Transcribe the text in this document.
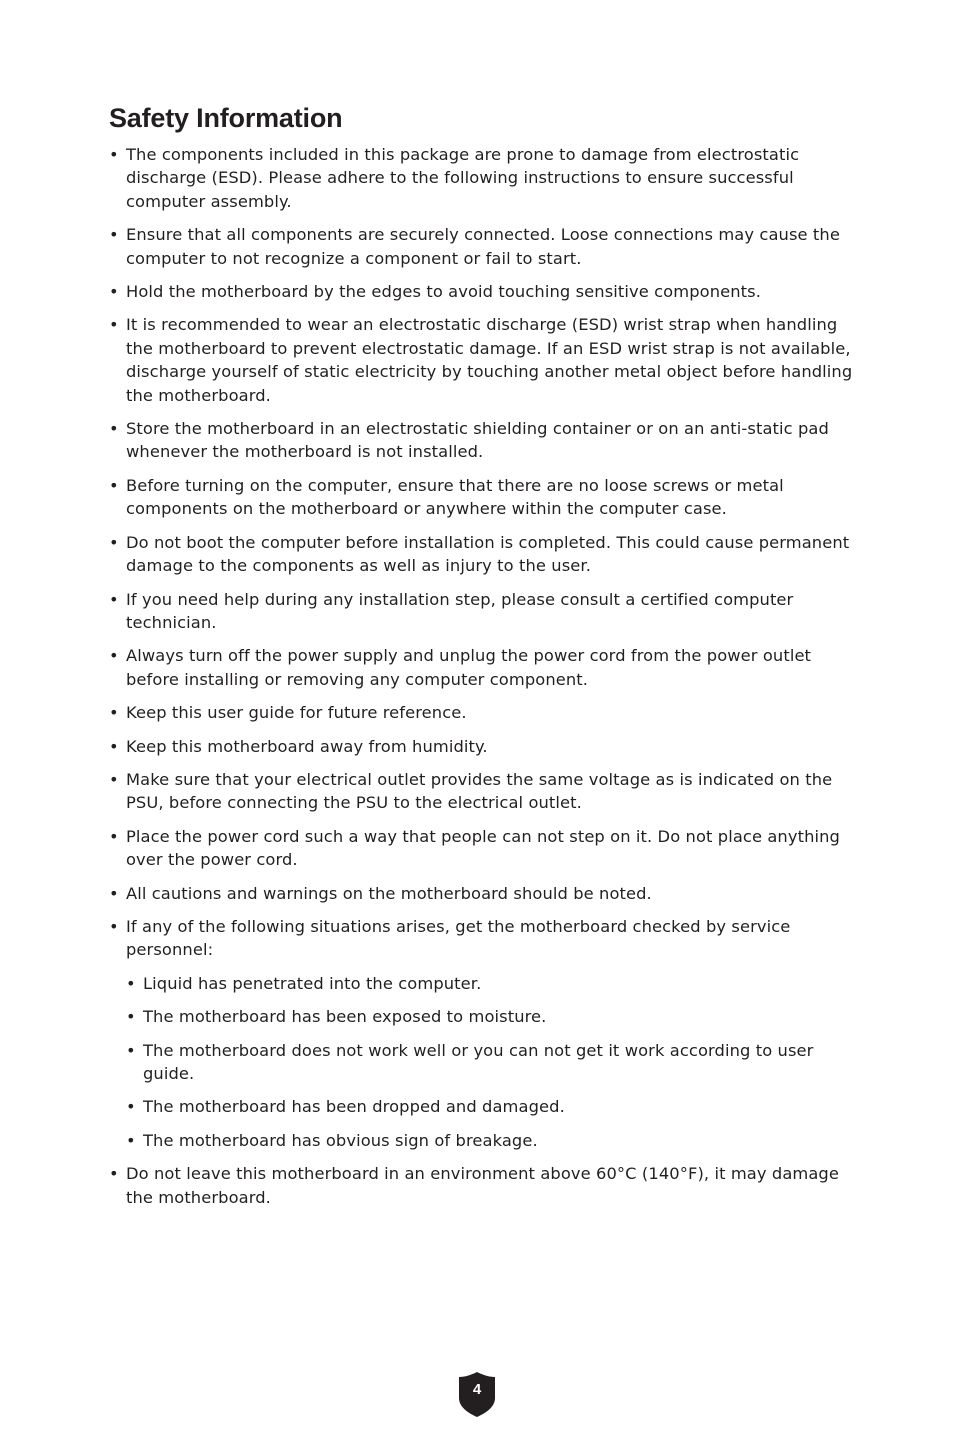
Safety Information
• The components included in this package are prone to damage from electrostatic discharge (ESD). Please adhere to the following instructions to ensure successful computer assembly.
• Ensure that all components are securely connected. Loose connections may cause the computer to not recognize a component or fail to start.
• Hold the motherboard by the edges to avoid touching sensitive components.
• It is recommended to wear an electrostatic discharge (ESD) wrist strap when handling the motherboard to prevent electrostatic damage. If an ESD wrist strap is not available, discharge yourself of static electricity by touching another metal object before handling the motherboard.
• Store the motherboard in an electrostatic shielding container or on an anti-static pad whenever the motherboard is not installed.
• Before turning on the computer, ensure that there are no loose screws or metal components on the motherboard or anywhere within the computer case.
• Do not boot the computer before installation is completed. This could cause permanent damage to the components as well as injury to the user.
• If you need help during any installation step, please consult a certified computer technician.
• Always turn off the power supply and unplug the power cord from the power outlet before installing or removing any computer component.
• Keep this user guide for future reference.
• Keep this motherboard away from humidity.
• Make sure that your electrical outlet provides the same voltage as is indicated on the PSU, before connecting the PSU to the electrical outlet.
• Place the power cord such a way that people can not step on it. Do not place anything over the power cord.
• All cautions and warnings on the motherboard should be noted.
• If any of the following situations arises, get the motherboard checked by service personnel:
• Liquid has penetrated into the computer.
• The motherboard has been exposed to moisture.
• The motherboard does not work well or you can not get it work according to user guide.
• The motherboard has been dropped and damaged.
• The motherboard has obvious sign of breakage.
• Do not leave this motherboard in an environment above 60°C (140°F), it may damage the motherboard.
4
